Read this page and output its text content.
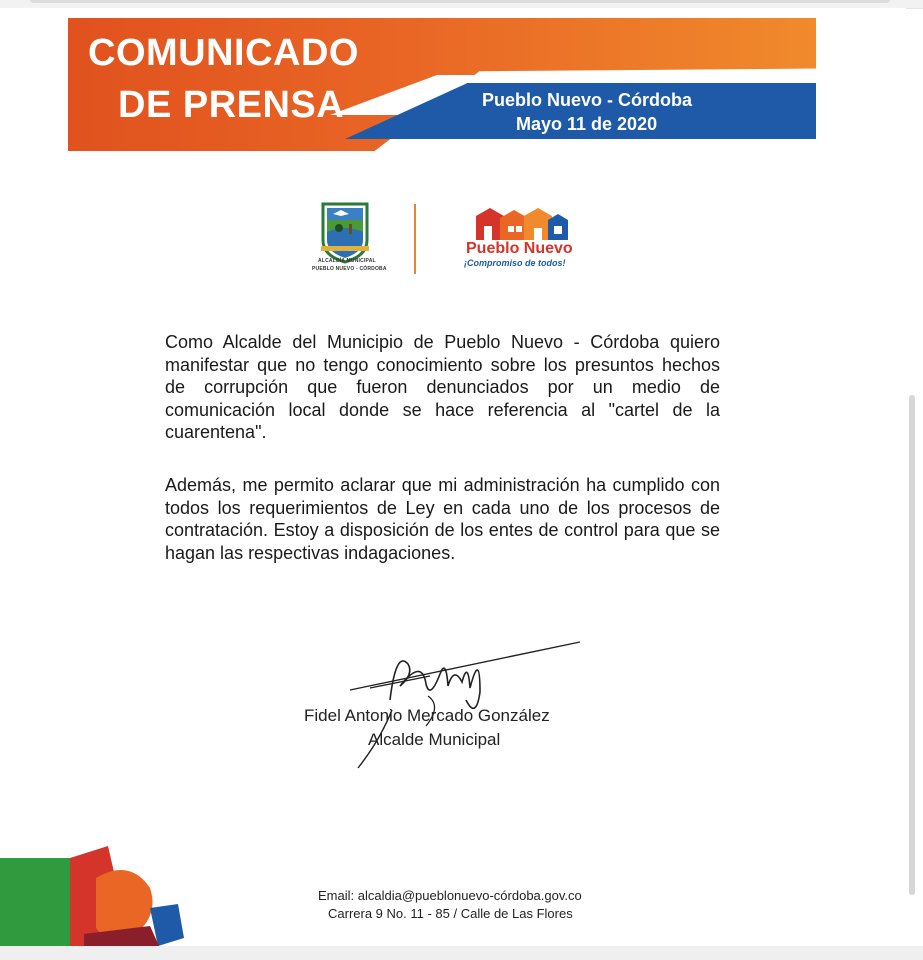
COMUNICADO
DE PRENSA	Pueblo Nuevo - Córdoba
Mayo 11 de 2020
ALCALDÍA MUNICIPAL
PUEBLO NUEVO - CÓRDOBA
Pueblo Nuevo
¡Compromiso de todos!

Como Alcalde del Municipio de Pueblo Nuevo - Córdoba quiero manifestar que no tengo conocimiento sobre los presuntos hechos de corrupción que fueron denunciados por un medio de comunicación local donde se hace referencia al "cartel de la cuarentena".

Además, me permito aclarar que mi administración ha cumplido con todos los requerimientos de Ley en cada uno de los procesos de contratación. Estoy a disposición de los entes de control para que se hagan las respectivas indagaciones.

Fidel Antonio Mercado González
Alcalde Municipal
Email: alcaldia@pueblonuevo-córdoba.gov.co
Carrera 9 No. 11 - 85 / Calle de Las Flores
